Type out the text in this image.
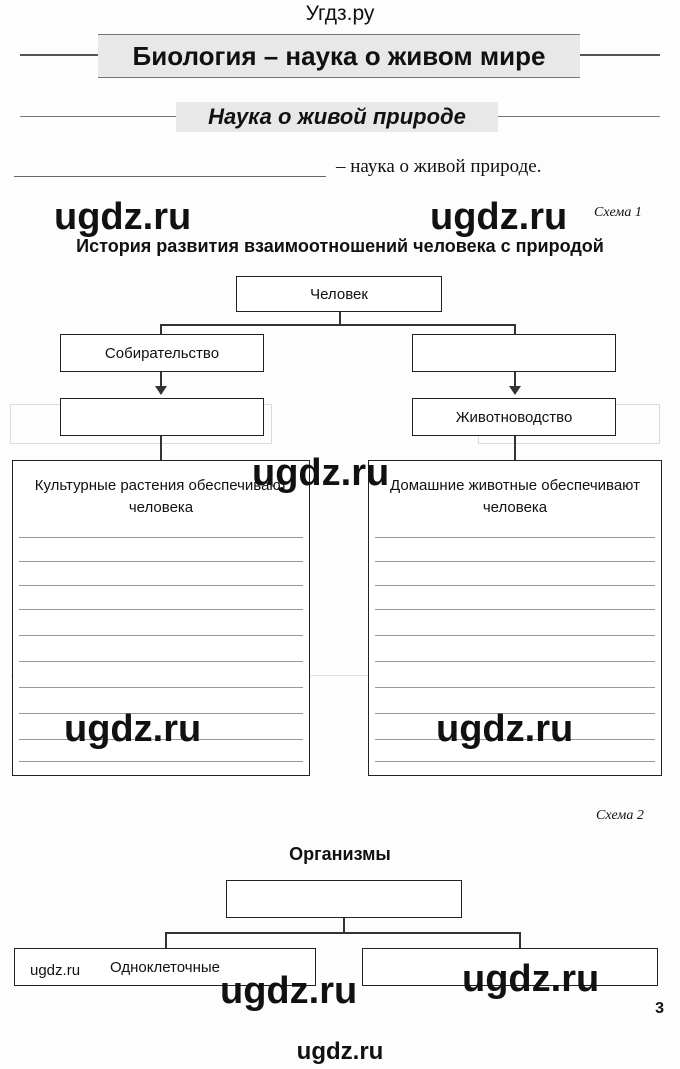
Угдз.ру
Биология – наука о живом мире
Наука о живой природе
– наука о живой природе.
Схема 1
История развития взаимоотношений человека с природой
Человек
Собирательство
Животноводство
Культурные растения обеспечивают человека
Домашние животные обеспечивают человека
Схема 2
Организмы
Одноклеточные
ugdz.ru	ugdz.ru
ugdz.ru
ugdz.ru	ugdz.ru
ugdz.ru	ugdz.ru
ugdz.ru
3
ugdz.ru
